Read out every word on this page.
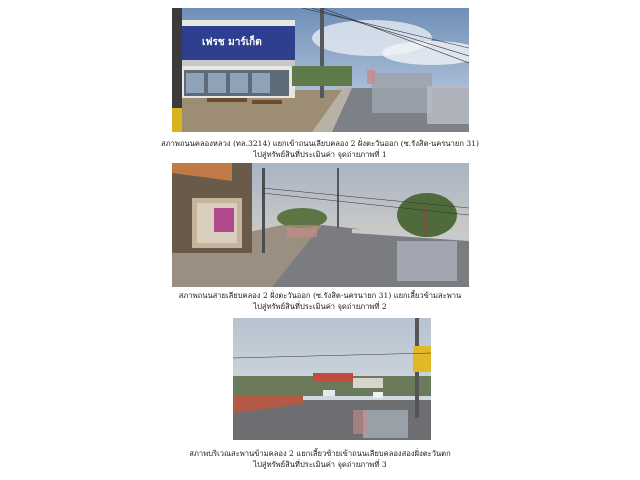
เฟรช มาร์เก็ต
สภาพถนนคลองหลวง (ทล.3214) แยกเข้าถนนเลียบคลอง 2 ฝั่งตะวันออก (ซ.รังสิต-นครนายก 31)
ไปสู่ทรัพย์สินที่ประเมินค่า จุดถ่ายภาพที่ 1
สภาพถนนสายเลียบคลอง 2 ฝั่งตะวันออก (ซ.รังสิต-นครนายก 31) แยกเลี้ยวข้ามสะพาน
ไปสู่ทรัพย์สินที่ประเมินค่า จุดถ่ายภาพที่ 2
สภาพบริเวณสะพานข้ามคลอง 2 แยกเลี้ยวซ้ายเข้าถนนเลียบคลองสองฝั่งตะวันตก
ไปสู่ทรัพย์สินที่ประเมินค่า จุดถ่ายภาพที่ 3
